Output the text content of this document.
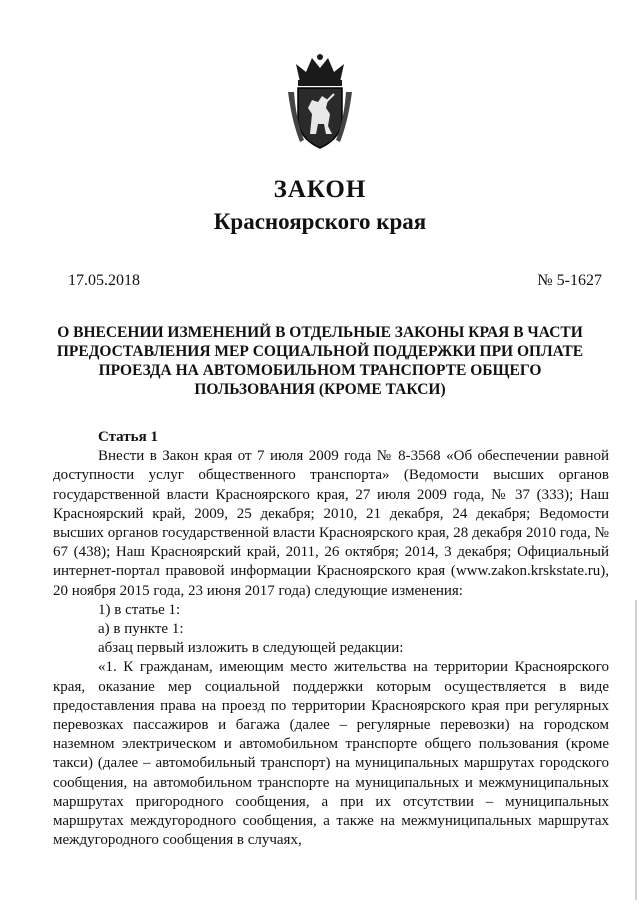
ЗАКОН
Красноярского края
17.05.2018	№ 5-1627

О ВНЕСЕНИИ ИЗМЕНЕНИЙ В ОТДЕЛЬНЫЕ ЗАКОНЫ КРАЯ В ЧАСТИ ПРЕДОСТАВЛЕНИЯ МЕР СОЦИАЛЬНОЙ ПОДДЕРЖКИ ПРИ ОПЛАТЕ ПРОЕЗДА НА АВТОМОБИЛЬНОМ ТРАНСПОРТЕ ОБЩЕГО ПОЛЬЗОВАНИЯ (КРОМЕ ТАКСИ)

Статья 1

Внести в Закон края от 7 июля 2009 года № 8-3568 «Об обеспечении равной доступности услуг общественного транспорта» (Ведомости высших органов государственной власти Красноярского края, 27 июля 2009 года, № 37 (333); Наш Красноярский край, 2009, 25 декабря; 2010, 21 декабря, 24 декабря; Ведомости высших органов государственной власти Красноярского края, 28 декабря 2010 года, № 67 (438); Наш Красноярский край, 2011, 26 октября; 2014, 3 декабря; Официальный интернет-портал правовой информации Красноярского края (www.zakon.krskstate.ru), 20 ноября 2015 года, 23 июня 2017 года) следующие изменения:

1) в статье 1:

а) в пункте 1:

абзац первый изложить в следующей редакции:

«1. К гражданам, имеющим место жительства на территории Красноярского края, оказание мер социальной поддержки которым осуществляется в виде предоставления права на проезд по территории Красноярского края при регулярных перевозках пассажиров и багажа (далее – регулярные перевозки) на городском наземном электрическом и автомобильном транспорте общего пользования (кроме такси) (далее – автомобильный транспорт) на муниципальных маршрутах городского сообщения, на автомобильном транспорте на муниципальных и межмуниципальных маршрутах пригородного сообщения, а при их отсутствии – муниципальных маршрутах междугородного сообщения, а также на межмуниципальных маршрутах междугородного сообщения в случаях,
